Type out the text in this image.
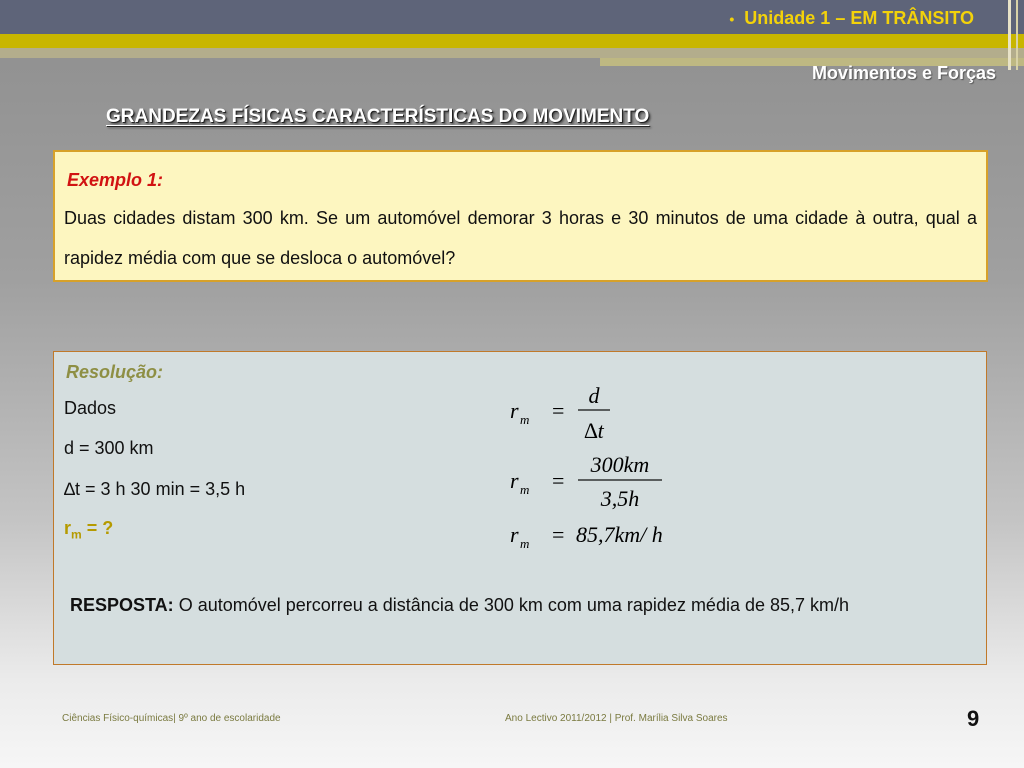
• Unidade 1 – EM TRÂNSITO
Movimentos e Forças
GRANDEZAS FÍSICAS CARACTERÍSTICAS DO MOVIMENTO
Exemplo 1:
Duas cidades distam 300 km. Se um automóvel demorar 3 horas e 30 minutos de uma cidade à outra, qual a rapidez média com que se desloca o automóvel?
Resolução:
Dados
d = 300 km
∆t = 3 h 30 min = 3,5 h
$r_m$ = ?
r m =
d
∆t
r m =
300km
3,5h
r m = 85,7km/ h
RESPOSTA: O automóvel percorreu a distância de 300 km com uma rapidez média de 85,7 km/h
Ciências Físico-químicas| 9º ano de escolaridade	Ano Lectivo 2011/2012 | Prof. Marília Silva Soares	9
